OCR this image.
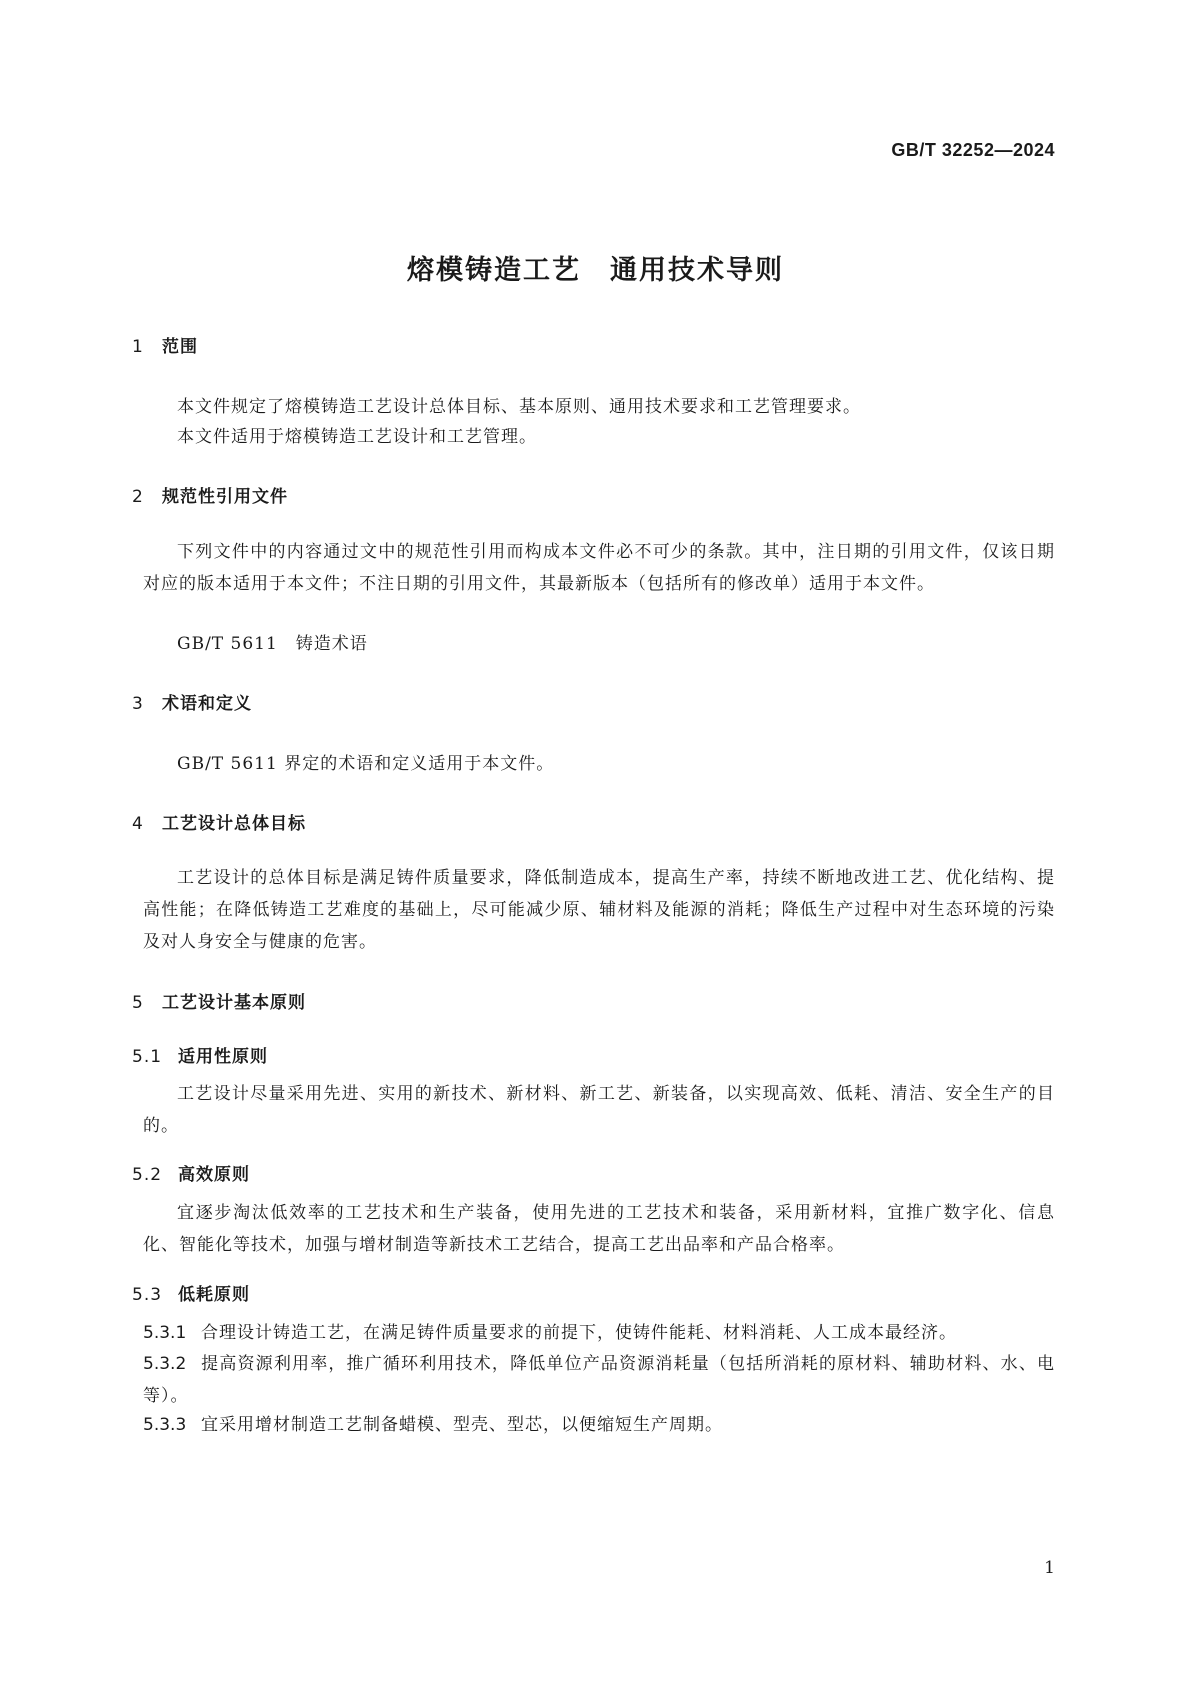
GB/T 32252—2024
熔模铸造工艺　通用技术导则
1 范围
本文件规定了熔模铸造工艺设计总体目标、基本原则、通用技术要求和工艺管理要求。
本文件适用于熔模铸造工艺设计和工艺管理。
2 规范性引用文件
下列文件中的内容通过文中的规范性引用而构成本文件必不可少的条款。其中，注日期的引用文件，仅该日期对应的版本适用于本文件；不注日期的引用文件，其最新版本（包括所有的修改单）适用于本文件。
GB/T 5611　铸造术语
3 术语和定义
GB/T 5611 界定的术语和定义适用于本文件。
4 工艺设计总体目标
工艺设计的总体目标是满足铸件质量要求，降低制造成本，提高生产率，持续不断地改进工艺、优化结构、提高性能；在降低铸造工艺难度的基础上，尽可能减少原、辅材料及能源的消耗；降低生产过程中对生态环境的污染及对人身安全与健康的危害。
5 工艺设计基本原则
5.1 适用性原则
工艺设计尽量采用先进、实用的新技术、新材料、新工艺、新装备，以实现高效、低耗、清洁、安全生产的目的。
5.2 高效原则
宜逐步淘汰低效率的工艺技术和生产装备，使用先进的工艺技术和装备，采用新材料，宜推广数字化、信息化、智能化等技术，加强与增材制造等新技术工艺结合，提高工艺出品率和产品合格率。
5.3 低耗原则
5.3.1 合理设计铸造工艺，在满足铸件质量要求的前提下，使铸件能耗、材料消耗、人工成本最经济。
5.3.2 提高资源利用率，推广循环利用技术，降低单位产品资源消耗量（包括所消耗的原材料、辅助材料、水、电等）。
5.3.3 宜采用增材制造工艺制备蜡模、型壳、型芯，以便缩短生产周期。
1
